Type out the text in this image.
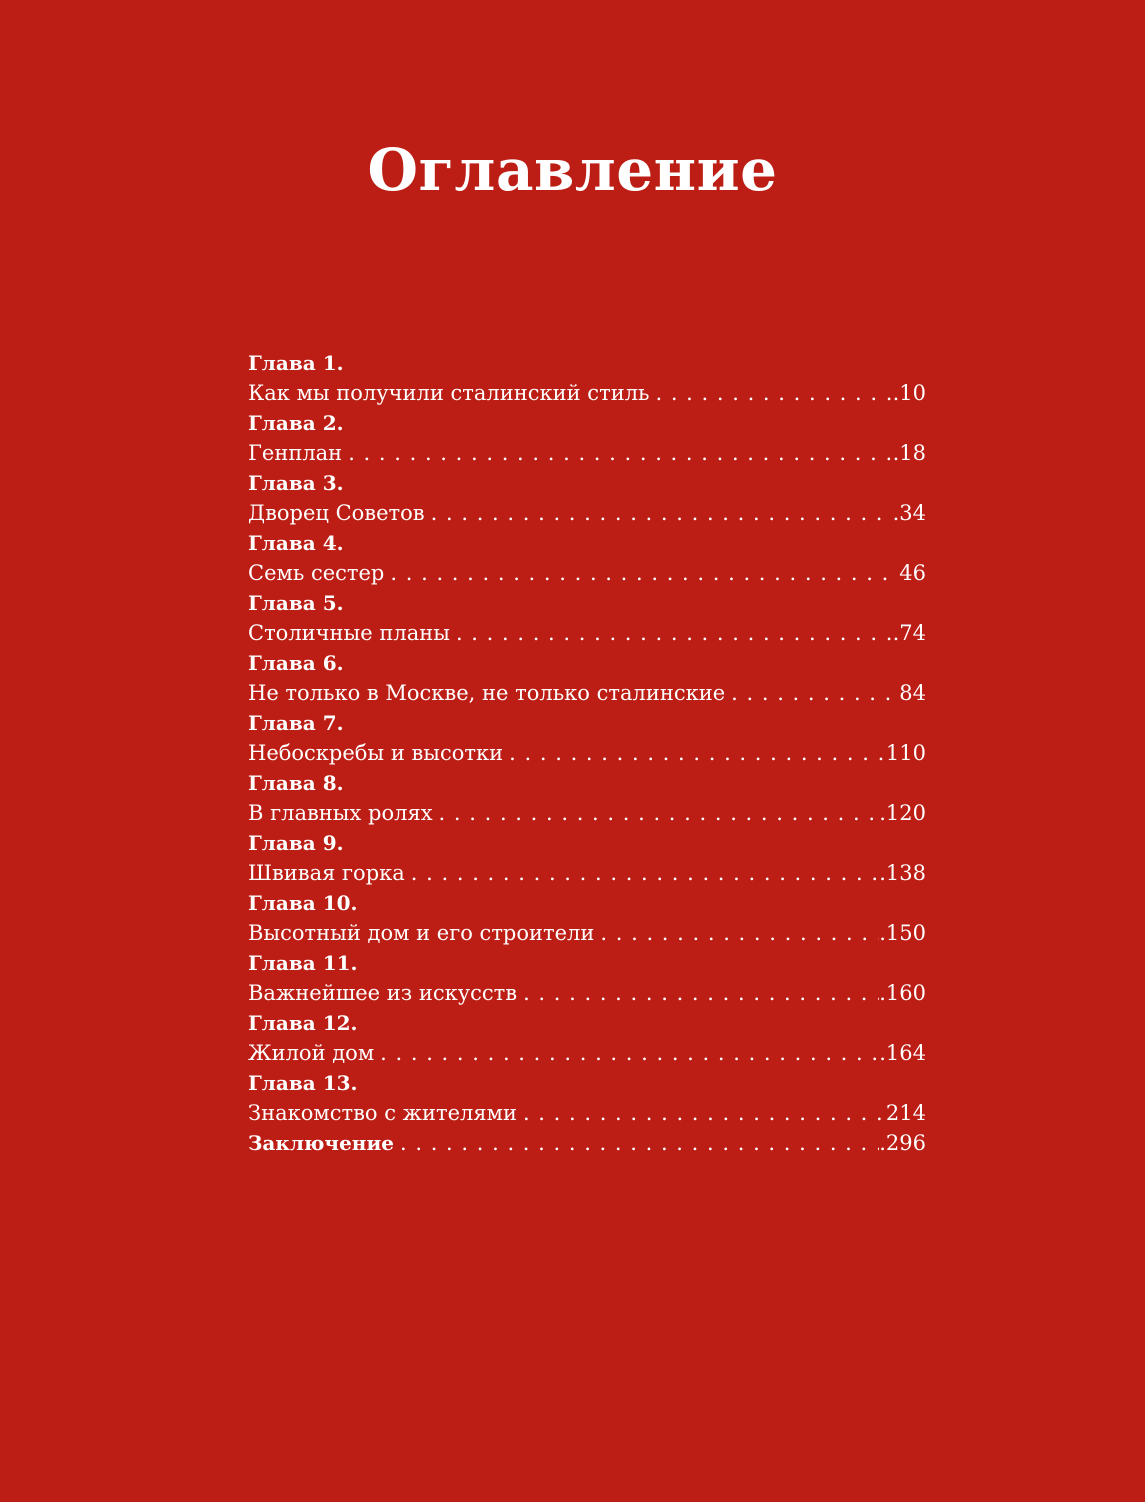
Оглавление
Глава 1.
Как мы получили сталинский стиль . . .	.10
Глава 2.
Генплан . . .	.18
Глава 3.
Дворец Советов . . .	.34
Глава 4.
Семь сестер . . .	46
Глава 5.
Столичные планы . . .	.74
Глава 6.
Не только в Москве, не только сталинские . . .	84
Глава 7.
Небоскребы и высотки . . .	110
Глава 8.
В главных ролях . . .	.120
Глава 9.
Швивая горка . . .	.138
Глава 10.
Высотный дом и его строители . . .	.150
Глава 11.
Важнейшее из искусств . . .	.160
Глава 12.
Жилой дом . . .	.164
Глава 13.
Знакомство с жителями . . .	214
Заключение . . .	.296
